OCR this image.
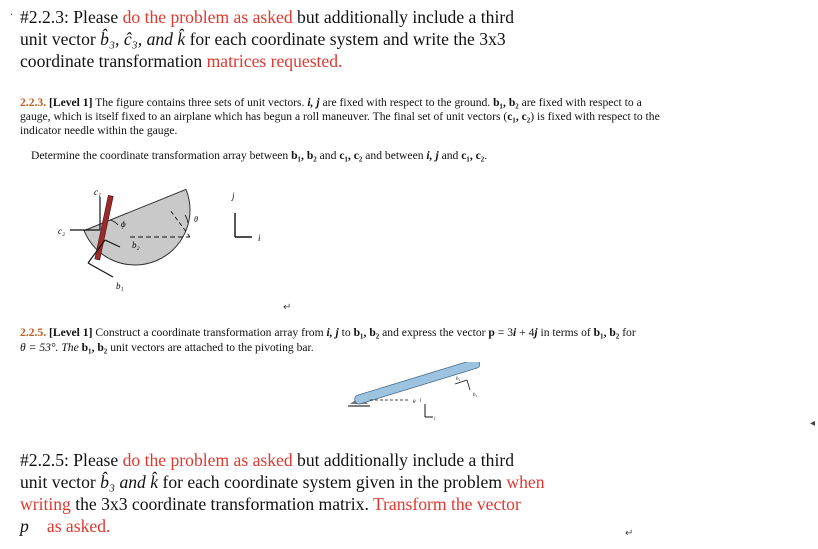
· #2.2.3: Please do the problem as asked but additionally include a third
unit vector b̂₃, ĉ₃, and k̂ for each coordinate system and write the 3x3
coordinate transformation matrices requested.
2.2.3. [Level 1] The figure contains three sets of unit vectors. i, j are fixed with respect to the ground. b₁, b₂ are fixed with respect to a
gauge, which is itself fixed to an airplane which has begun a roll maneuver. The final set of unit vectors (c₁, c₂) is fixed with respect to the
indicator needle within the gauge.
Determine the coordinate transformation array between b₁, b₂ and c₁, c₂ and between i, j and c₁, c₂.
c₁
c₂
ϕ
b₂
b₁
θ
j
i
↵
2.2.5. [Level 1] Construct a coordinate transformation array from i, j to b₁, b₂ and express the vector p = 3i + 4j in terms of b₁, b₂ for
θ = 53°. The b₁, b₂ unit vectors are attached to the pivoting bar.
θ j
i
b₁
b₂
◂
#2.2.5: Please do the problem as asked but additionally include a third
unit vector b̂₃ and k̂ for each coordinate system given in the problem when
writing the 3x3 coordinate transformation matrix. Transform the vector
p⃗ as asked.	↵
